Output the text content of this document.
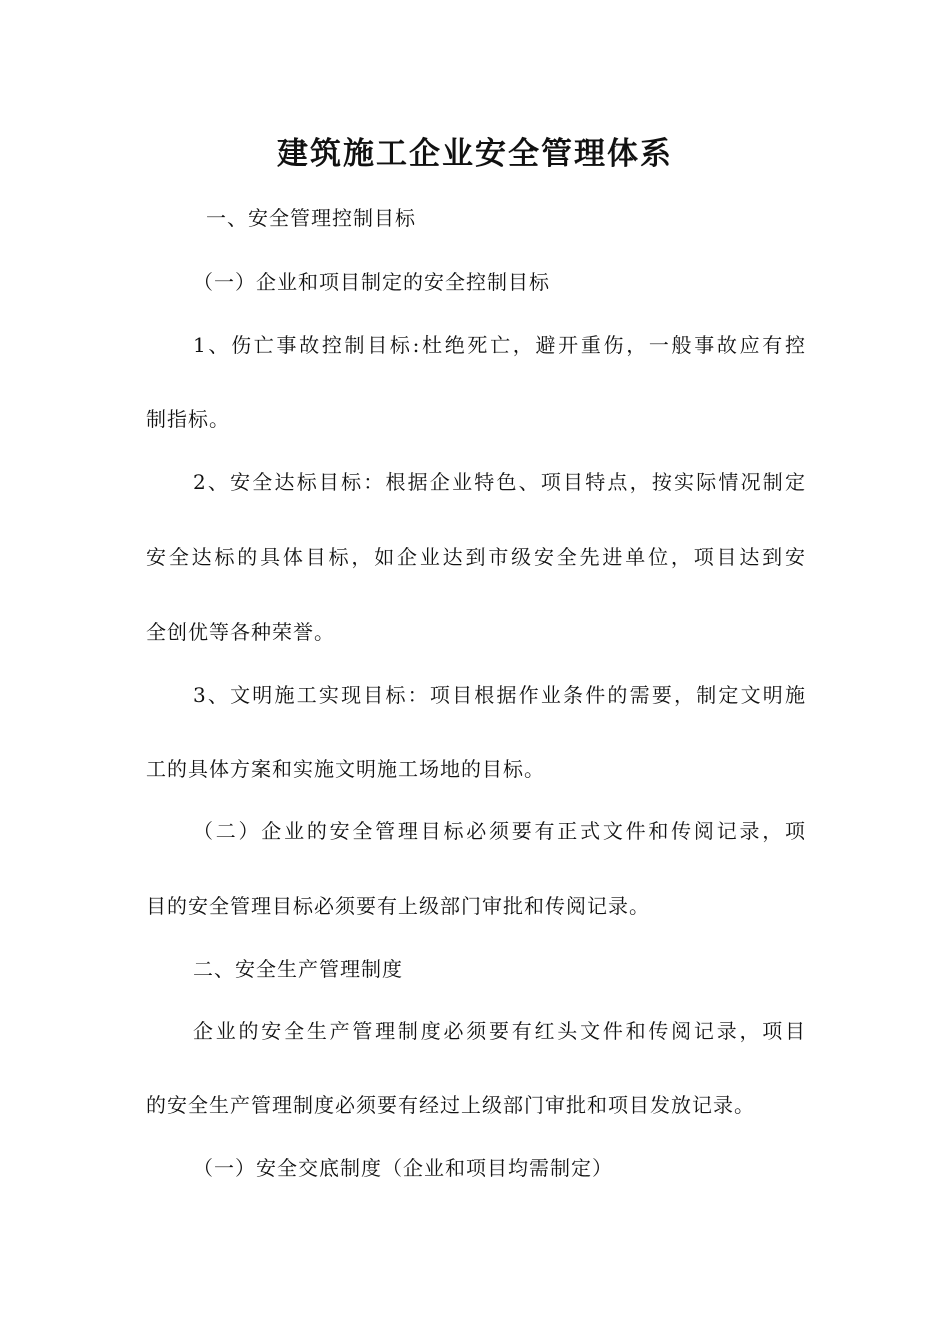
建筑施工企业安全管理体系

一、安全管理控制目标

（一）企业和项目制定的安全控制目标

1、伤亡事故控制目标:杜绝死亡，避开重伤，一般事故应有控

制指标。

2、安全达标目标：根据企业特色、项目特点，按实际情况制定

安全达标的具体目标，如企业达到市级安全先进单位，项目达到安

全创优等各种荣誉。

3、文明施工实现目标：项目根据作业条件的需要，制定文明施

工的具体方案和实施文明施工场地的目标。

（二）企业的安全管理目标必须要有正式文件和传阅记录，项

目的安全管理目标必须要有上级部门审批和传阅记录。

二、安全生产管理制度

企业的安全生产管理制度必须要有红头文件和传阅记录，项目

的安全生产管理制度必须要有经过上级部门审批和项目发放记录。

（一）安全交底制度（企业和项目均需制定）
